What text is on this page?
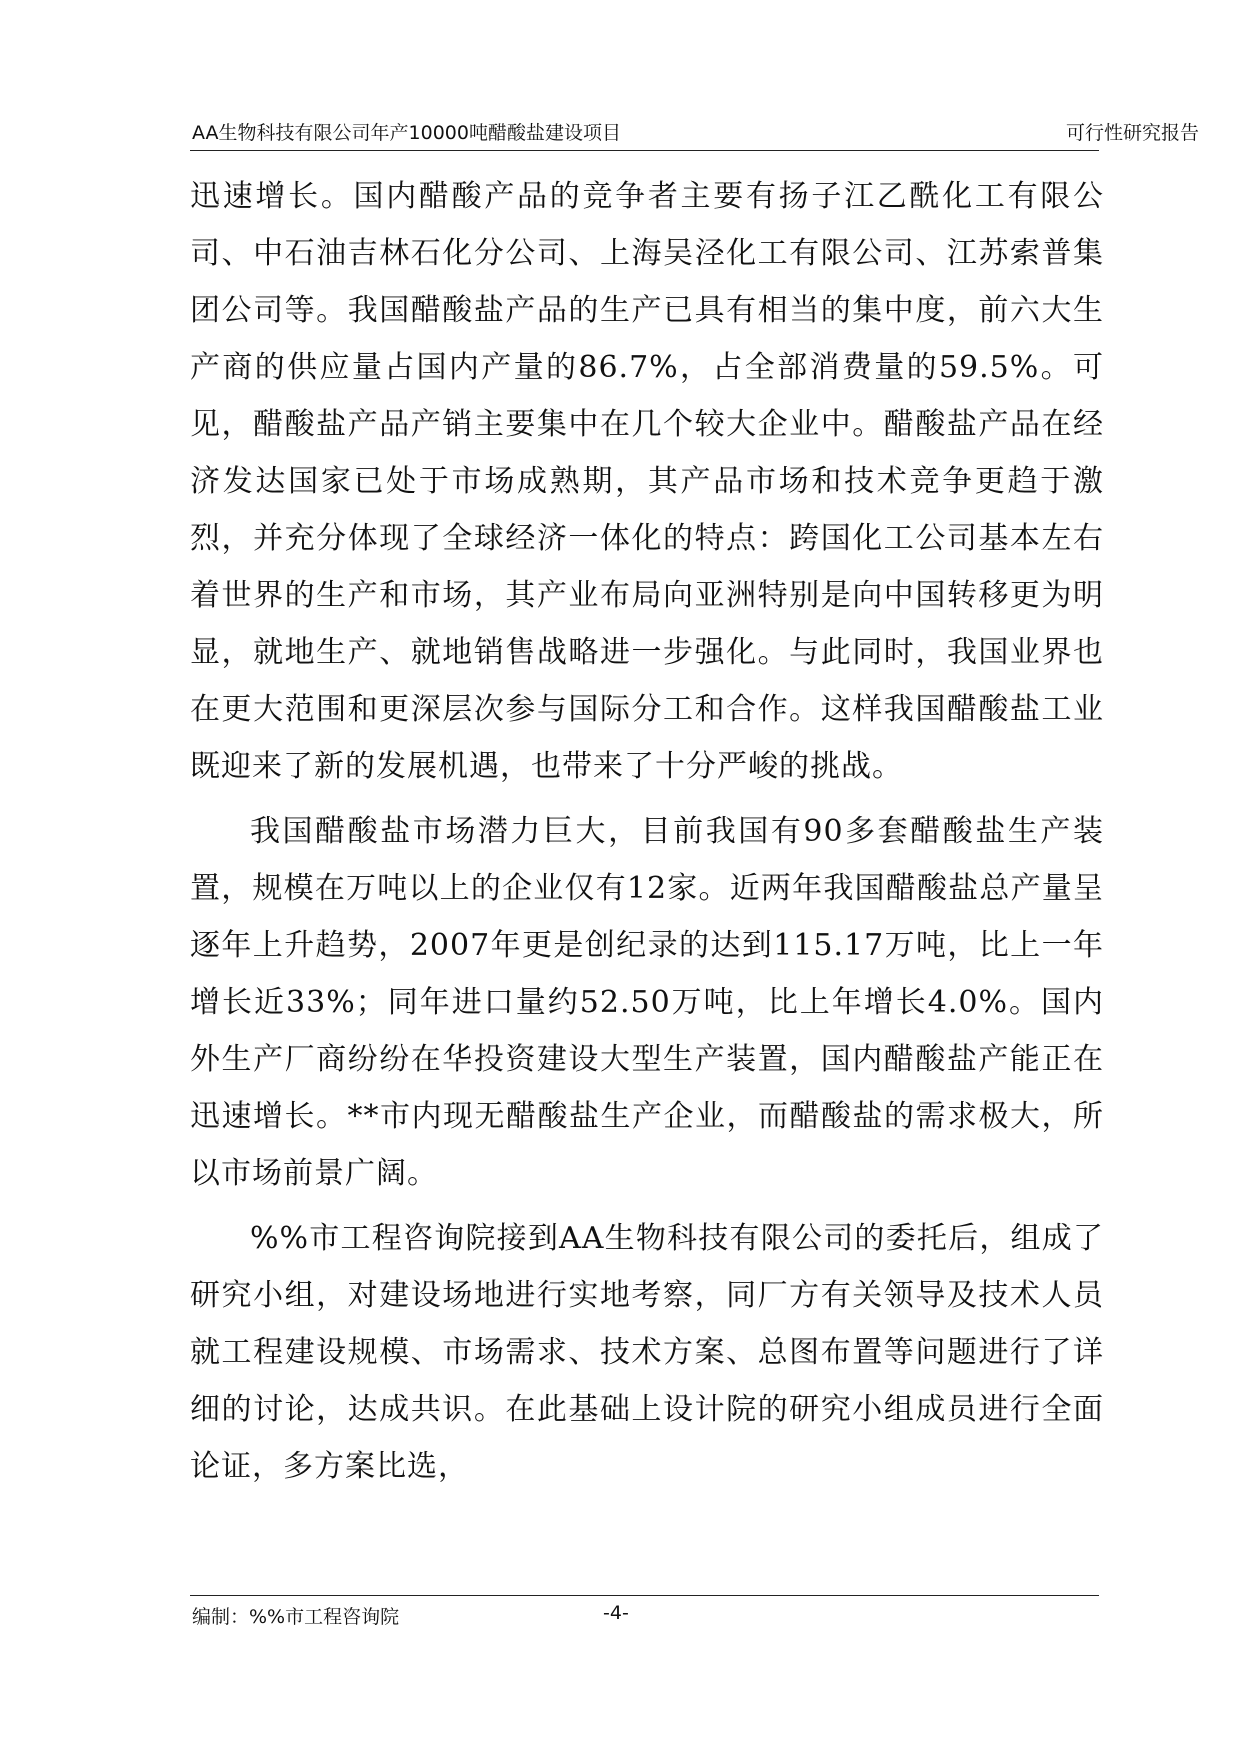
AA生物科技有限公司年产10000吨醋酸盐建设项目	可行性研究报告

迅速增长。国内醋酸产品的竞争者主要有扬子江乙酰化工有限公司、中石油吉林石化分公司、上海吴泾化工有限公司、江苏索普集团公司等。我国醋酸盐产品的生产已具有相当的集中度，前六大生产商的供应量占国内产量的86.7%，占全部消费量的59.5%。可见，醋酸盐产品产销主要集中在几个较大企业中。醋酸盐产品在经济发达国家已处于市场成熟期，其产品市场和技术竞争更趋于激烈，并充分体现了全球经济一体化的特点：跨国化工公司基本左右着世界的生产和市场，其产业布局向亚洲特别是向中国转移更为明显，就地生产、就地销售战略进一步强化。与此同时，我国业界也在更大范围和更深层次参与国际分工和合作。这样我国醋酸盐工业既迎来了新的发展机遇，也带来了十分严峻的挑战。

我国醋酸盐市场潜力巨大，目前我国有90多套醋酸盐生产装置，规模在万吨以上的企业仅有12家。近两年我国醋酸盐总产量呈逐年上升趋势，2007年更是创纪录的达到115.17万吨，比上一年增长近33%；同年进口量约52.50万吨，比上年增长4.0%。国内外生产厂商纷纷在华投资建设大型生产装置，国内醋酸盐产能正在迅速增长。**市内现无醋酸盐生产企业，而醋酸盐的需求极大，所以市场前景广阔。

%%市工程咨询院接到AA生物科技有限公司的委托后，组成了研究小组，对建设场地进行实地考察，同厂方有关领导及技术人员就工程建设规模、市场需求、技术方案、总图布置等问题进行了详细的讨论，达成共识。在此基础上设计院的研究小组成员进行全面论证，多方案比选，

编制：%%市工程咨询院	-4-
